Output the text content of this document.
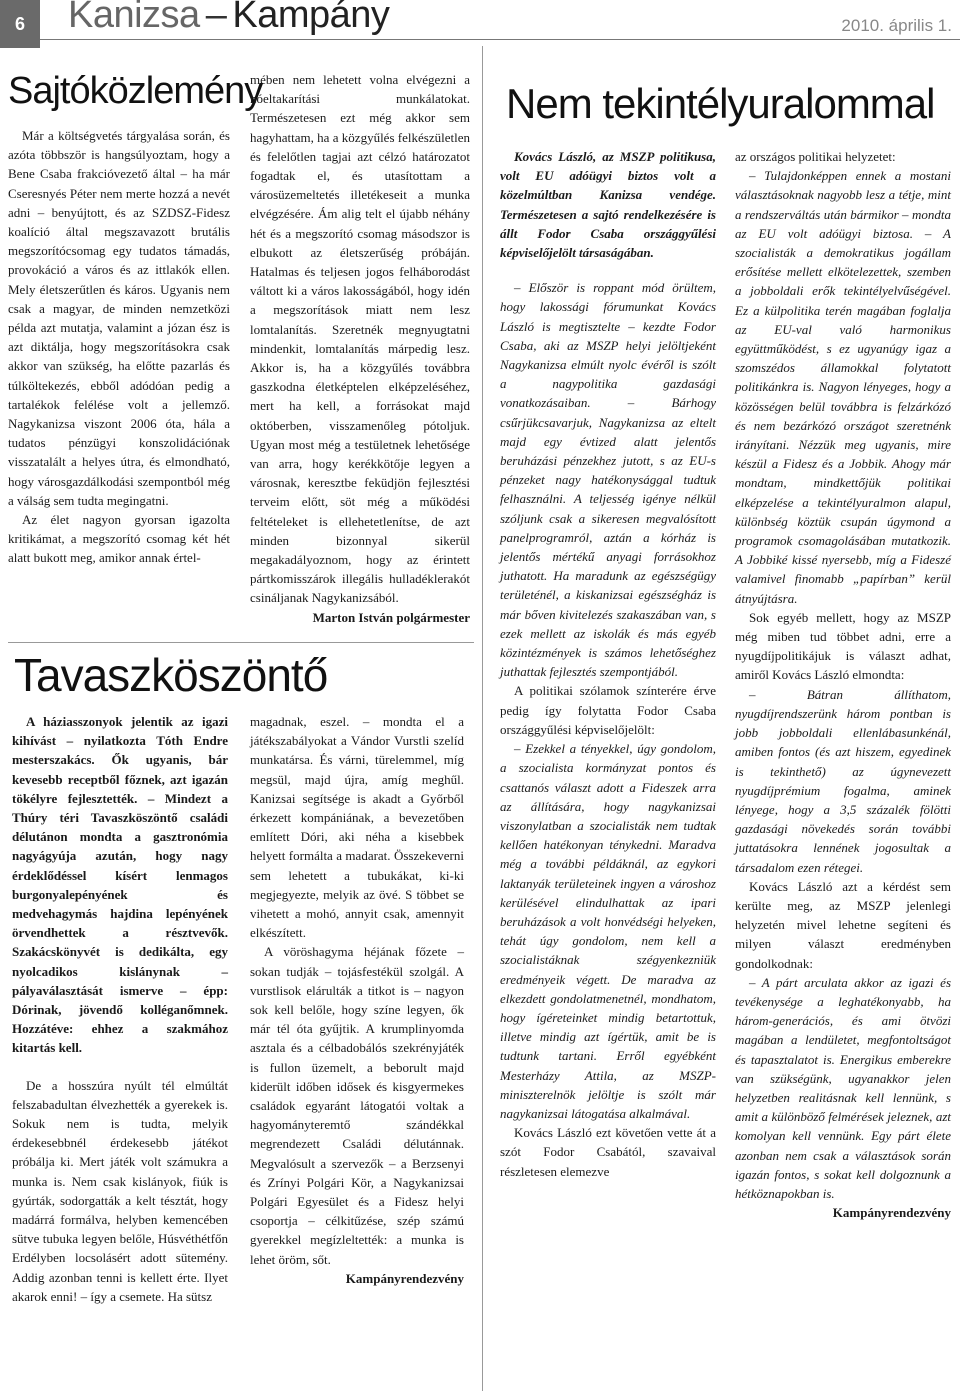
6	Kanizsa – Kampány	2010. április 1.
Sajtóközlemény

Már a költségvetés tárgyalása során, és azóta többször is hangsúlyoztam, hogy a Bene Csaba frakcióvezető által – ha már Cseresnyés Péter nem merte hozzá a nevét adni – benyújtott, és az SZDSZ-Fidesz koalíció által megszavazott brutális megszorítócsomag egy tudatos támadás, provokáció a város és az ittlakók ellen. Mely életszerűtlen és káros. Ugyanis nem csak a magyar, de minden nemzetközi példa azt mutatja, valamint a józan ész is azt diktálja, hogy megszorításokra csak akkor van szükség, ha előtte pazarlás és túlköltekezés, ebből adódóan pedig a tartalékok felélése volt a jellemző. Nagykanizsa viszont 2006 óta, hála a tudatos pénzügyi konszolidációnak visszatalált a helyes útra, és elmondható, hogy városgazdálkodási szempontból még a válság sem tudta megingatni.

Az élet nagyon gyorsan igazolta kritikámat, a megszorító csomag két hét alatt bukott meg, amikor annak értel-

mében nem lehetett volna elvégezni a hóeltakarítási munkálatokat. Természetesen ezt még akkor sem hagyhattam, ha a közgyűlés felkészületlen és felelőtlen tagjai azt célzó határozatot fogadtak el, és utasítottam a városüzemeltetés illetékeseit a munka elvégzésére. Ám alig telt el újabb néhány hét és a megszorító csomag másodszor is elbukott az életszerűség próbáján. Hatalmas és teljesen jogos felháborodást váltott ki a város lakosságából, hogy idén a megszorítások miatt nem lesz lomtalanítás. Szeretnék megnyugtatni mindenkit, lomtalanítás márpedig lesz. Akkor is, ha a közgyűlés továbbra gaszkodna életképtelen elképzeléséhez, mert ha kell, a forrásokat majd októberben, visszamenőleg pótoljuk. Ugyan most még a testületnek lehetősége van arra, hogy kerékkötője legyen a városnak, keresztbe feküdjön fejlesztési terveim előtt, söt még a működési feltételeket is ellehetetlenítse, de azt minden bizonnyal sikerül megakadályoznom, hogy az érintett pártkomisszárok illegális hulladéklerakót csináljanak Nagykanizsából.

Marton István polgármester

Tavaszköszöntő

A háziasszonyok jelentik az igazi kihívást – nyilatkozta Tóth Endre mesterszakács. Ők ugyanis, bár kevesebb receptből főznek, azt igazán tökélyre fejlesztették. – Mindezt a Thúry téri Tavaszköszöntő családi délutánon mondta a gasztronómia nagyágyúja azután, hogy nagy érdeklődéssel kísért lenmagos burgonyalepényének és medvehagymás hajdina lepényének örvendhettek a résztvevők. Szakácskönyvét is dedikálta, egy nyolcadikos kislánynak – pályaválasztását ismerve – épp: Dórinak, jövendő kolléganőmnek. Hozzátéve: ehhez a szakmához kitartás kell.

De a hosszúra nyúlt tél elmúltát felszabadultan élvezhették a gyerekek is. Sokuk nem is tudta, melyik érdekesebbnél érdekesebb játékot próbálja ki. Mert játék volt számukra a munka is. Nem csak kislányok, fiúk is gyúrták, sodorgatták a kelt tésztát, hogy madárrá formálva, helyben kemencében sütve tubuka legyen belőle, Húsvéthétfőn Erdélyben locsolásért adott sütemény. Addig azonban tenni is kellett érte. Ilyet akarok enni! – így a csemete. Ha sütsz

magadnak, eszel. – mondta el a játékszabályokat a Vándor Vurstli szelíd munkatársa. És várni, türelemmel, míg megsül, majd újra, amíg meghűl. Kanizsai segítsége is akadt a Győrből érkezett kompániának, a bevezetőben említett Dóri, aki néha a kisebbek helyett formálta a madarat. Összekeverni sem lehetett a tubukákat, ki-ki megjegyezte, melyik az övé. S többet se vihetett a mohó, annyit csak, amennyit elkészített.

A vöröshagyma héjának főzete – sokan tudják – tojásfestékül szolgál. A vurstlisok elárulták a titkot is – nagyon sok kell belőle, hogy színe legyen, ők már tél óta gyűjtik. A krumplinyomda asztala és a célbadobálós szekrényjáték is fullon üzemelt, a beborult majd kiderült időben idősek és kisgyermekes családok egyaránt látogatói voltak a hagyományteremtő szándékkal megrendezett Családi délutánnak. Megvalósult a szervezők – a Berzsenyi és Zrínyi Polgári Kör, a Nagykanizsai Polgári Egyesület és a Fidesz helyi csoportja – célkitűzése, szép számú gyerekkel megízleltették: a munka is lehet öröm, sőt.

Kampányrendezvény

Nem tekintélyuralommal

Kovács László, az MSZP politikusa, volt EU adóügyi biztos volt a közelmúltban Kanizsa vendége. Természetesen a sajtó rendelkezésére is állt Fodor Csaba országgyűlési képviselőjelölt társaságában.

– Először is roppant mód örültem, hogy lakossági fórumunkat Kovács László is megtisztelte – kezdte Fodor Csaba, aki az MSZP helyi jelöltjeként Nagykanizsa elmúlt nyolc évéről is szólt a nagypolitika gazdasági vonatkozásaiban. – Bárhogy csűrjükcsavarjuk, Nagykanizsa az eltelt majd egy évtized alatt jelentős beruházási pénzekhez jutott, s az EU-s pénzeket nagy hatékonysággal tudtuk felhasználni. A teljesség igénye nélkül szóljunk csak a sikeresen megvalósított panelprogramról, aztán a kórház is jelentős mértékű anyagi forrásokhoz juthatott. Ha maradunk az egészségügy területénél, a kiskanizsai egészségház is már bőven kivitelezés szakaszában van, s ezek mellett az iskolák és más egyéb közintézmények is számos lehetőséghez juthattak fejlesztés szempontjából.

A politikai szólamok színterére érve pedig így folytatta Fodor Csaba országgyűlési képviselőjelölt:

– Ezekkel a tényekkel, úgy gondolom, a szocialista kormányzat pontos és csattanós választ adott a Fideszek arra az állítására, hogy nagykanizsai viszonylatban a szocialisták nem tudtak kellően hatékonyan ténykedni. Maradva még a további példáknál, az egykori laktanyák területeinek ingyen a városhoz kerülésével elindulhattak az ipari beruházások a volt honvédségi helyeken, tehát úgy gondolom, nem kell a szocialistáknak szégyenkezniük eredményeik végett. De maradva az elkezdett gondolatmenetnél, mondhatom, hogy ígéreteinket mindig betartottuk, illetve mindig azt ígértük, amit be is tudtunk tartani. Erről egyébként Mesterházy Attila, az MSZP-miniszterelnök jelöltje is szólt már nagykanizsai látogatása alkalmával.

Kovács László ezt követően vette át a szót Fodor Csabától, szavaival részletesen elemezve

az országos politikai helyzetet:

– Tulajdonképpen ennek a mostani választásoknak nagyobb lesz a tétje, mint a rendszerváltás után bármikor – mondta az EU volt adóügyi biztosa. – A szocialisták a demokratikus jogállam erősítése mellett elkötelezettek, szemben a jobboldali erők tekintélyelvűségével. Ez a külpolitika terén magában foglalja az EU-val való harmonikus együttműködést, s ez ugyanúgy igaz a szomszédos államokkal folytatott politikánkra is. Nagyon lényeges, hogy a közösségen belül továbbra is felzárkózó és nem bezárkózó országot szeretnénk irányítani. Nézzük meg ugyanis, mire készül a Fidesz és a Jobbik. Ahogy már mondtam, mindkettőjük politikai elképzelése a tekintélyuralmon alapul, különbség köztük csupán úgymond a programok csomagolásában mutatkozik. A Jobbiké kissé nyersebb, míg a Fideszé valamivel finomabb „papírban” kerül átnyújtásra.

Sok egyéb mellett, hogy az MSZP még miben tud többet adni, erre a nyugdíjpolitikájuk is választ adhat, amiről Kovács László elmondta:

– Bátran állíthatom, nyugdíjrendszerünk három pontban is jobb jobboldali ellenlábasunkénál, amiben fontos (és azt hiszem, egyedinek is tekinthető) az úgynevezett nyugdíjprémium fogalma, aminek lényege, hogy a 3,5 százalék fölötti gazdasági növekedés során további juttatásokra lennének jogosultak a társadalom ezen rétegei.

Kovács László azt a kérdést sem kerülte meg, az MSZP jelenlegi helyzetén mivel lehetne segíteni és milyen választ eredményben gondolkodnak:

– A párt arculata akkor az igazi és tevékenysége a leghatékonyabb, ha három-generációs, és ami ötvözi magában a lendületet, megfontoltságot és tapasztalatot is. Energikus emberekre van szükségünk, ugyanakkor jelen helyzetben realitásnak kell lennünk, s amit a különböző felmérések jeleznek, azt komolyan kell vennünk. Egy párt élete azonban nem csak a választások során igazán fontos, s sokat kell dolgoznunk a hétköznapokban is.

Kampányrendezvény
